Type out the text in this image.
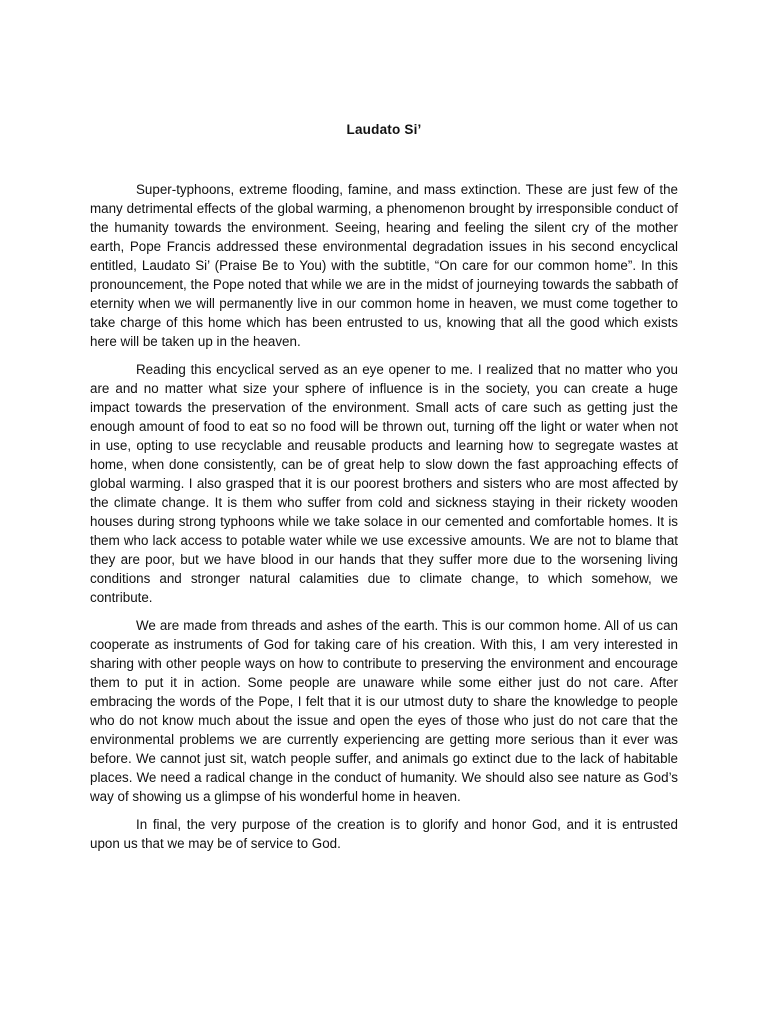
Laudato Si’

Super-typhoons, extreme flooding, famine, and mass extinction. These are just few of the many detrimental effects of the global warming, a phenomenon brought by irresponsible conduct of the humanity towards the environment. Seeing, hearing and feeling the silent cry of the mother earth, Pope Francis addressed these environmental degradation issues in his second encyclical entitled, Laudato Si’ (Praise Be to You) with the subtitle, “On care for our common home”. In this pronouncement, the Pope noted that while we are in the midst of journeying towards the sabbath of eternity when we will permanently live in our common home in heaven, we must come together to take charge of this home which has been entrusted to us, knowing that all the good which exists here will be taken up in the heaven.

Reading this encyclical served as an eye opener to me. I realized that no matter who you are and no matter what size your sphere of influence is in the society, you can create a huge impact towards the preservation of the environment. Small acts of care such as getting just the enough amount of food to eat so no food will be thrown out, turning off the light or water when not in use, opting to use recyclable and reusable products and learning how to segregate wastes at home, when done consistently, can be of great help to slow down the fast approaching effects of global warming. I also grasped that it is our poorest brothers and sisters who are most affected by the climate change. It is them who suffer from cold and sickness staying in their rickety wooden houses during strong typhoons while we take solace in our cemented and comfortable homes. It is them who lack access to potable water while we use excessive amounts. We are not to blame that they are poor, but we have blood in our hands that they suffer more due to the worsening living conditions and stronger natural calamities due to climate change, to which somehow, we contribute.

We are made from threads and ashes of the earth. This is our common home. All of us can cooperate as instruments of God for taking care of his creation. With this, I am very interested in sharing with other people ways on how to contribute to preserving the environment and encourage them to put it in action. Some people are unaware while some either just do not care. After embracing the words of the Pope, I felt that it is our utmost duty to share the knowledge to people who do not know much about the issue and open the eyes of those who just do not care that the environmental problems we are currently experiencing are getting more serious than it ever was before. We cannot just sit, watch people suffer, and animals go extinct due to the lack of habitable places. We need a radical change in the conduct of humanity. We should also see nature as God’s way of showing us a glimpse of his wonderful home in heaven.

In final, the very purpose of the creation is to glorify and honor God, and it is entrusted upon us that we may be of service to God.
